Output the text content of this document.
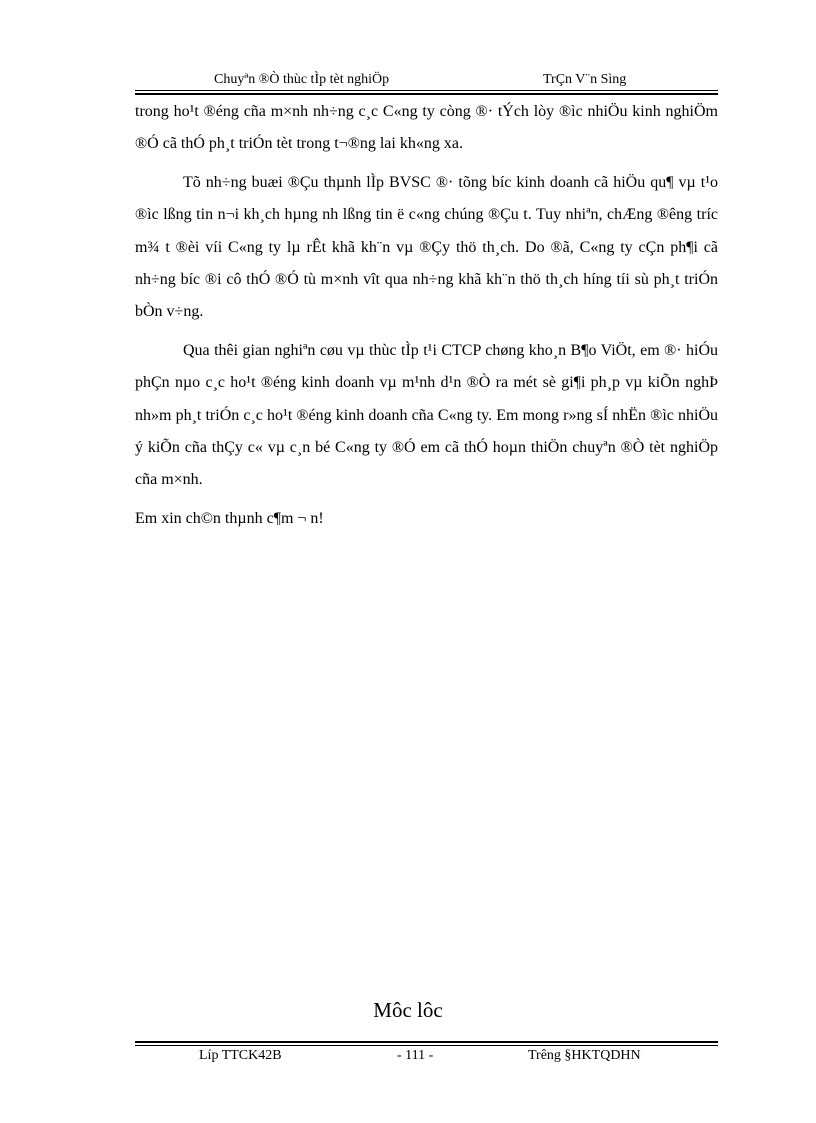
Chuyªn ®Ò thùc tÌp tèt nghiÖp	TrÇn V¨n Sìng

trong ho¹t ®éng cña m×nh nh÷ng c¸c C«ng ty còng ®· tÝch lòy ®ìc nhiÖu kinh nghiÖm ®Ó cã thÓ ph¸t triÓn tèt trong t¬®ng lai kh«ng xa.

Tõ nh÷ng buæi ®Çu thµnh lÌp BVSC ®· tõng bíc kinh doanh cã hiÖu qu¶ vµ t¹o ®ìc lßng tin n¬i kh¸ch hµng nh lßng tin ë c«ng chúng ®Çu t. Tuy nhiªn, chÆng ®êng tríc m¾ t ®èi víi C«ng ty lµ rÊt khã kh¨n vµ ®Çy thö th¸ch. Do ®ã, C«ng ty cÇn ph¶i cã nh÷ng bíc ®i cô thÓ ®Ó tù m×nh vît qua nh÷ng khã kh¨n thö th¸ch híng tíi sù ph¸t triÓn bÒn v÷ng.

Qua thêi gian nghiªn cøu vµ thùc tÌp t¹i CTCP chøng kho¸n B¶o ViÖt, em ®· hiÓu phÇn nµo c¸c ho¹t ®éng kinh doanh vµ m¹nh d¹n ®Ò ra mét sè gi¶i ph¸p vµ kiÕn nghÞ nh»m ph¸t triÓn c¸c ho¹t ®éng kinh doanh cña C«ng ty. Em mong r»ng sÍ nhËn ®ìc nhiÖu ý kiÕn cña thÇy c« vµ c¸n bé C«ng ty ®Ó em cã thÓ hoµn thiÖn chuyªn ®Ò tèt nghiÖp cña m×nh.

Em xin ch©n thµnh c¶m ¬ n!

Môc lôc
Líp TTCK42B	- 111 -	Trêng §HKTQDHN
